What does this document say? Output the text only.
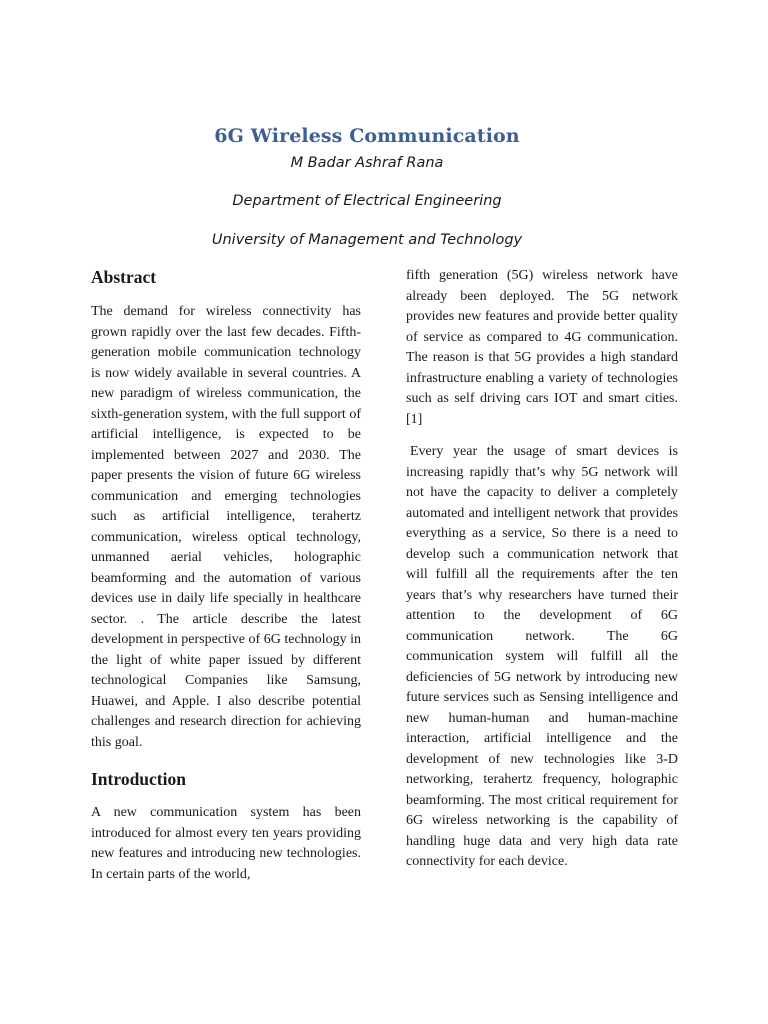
6G Wireless Communication

M Badar Ashraf Rana

Department of Electrical Engineering

University of Management and Technology

Abstract

The demand for wireless connectivity has grown rapidly over the last few decades. Fifth-generation mobile communication technology is now widely available in several countries. A new paradigm of wireless communication, the sixth-generation system, with the full support of artificial intelligence, is expected to be implemented between 2027 and 2030. The paper presents the vision of future 6G wireless communication and emerging technologies such as artificial intelligence, terahertz communication, wireless optical technology, unmanned aerial vehicles, holographic beamforming and the automation of various devices use in daily life specially in healthcare sector. . The article describe the latest development in perspective of 6G technology in the light of white paper issued by different technological Companies like Samsung, Huawei, and Apple. I also describe potential challenges and research direction for achieving this goal.

Introduction

A new communication system has been introduced for almost every ten years providing new features and introducing new technologies. In certain parts of the world,

fifth generation (5G) wireless network have already been deployed. The 5G network provides new features and provide better quality of service as compared to 4G communication. The reason is that 5G provides a high standard infrastructure enabling a variety of technologies such as self driving cars IOT and smart cities.[1]

Every year the usage of smart devices is increasing rapidly that’s why 5G network will not have the capacity to deliver a completely automated and intelligent network that provides everything as a service, So there is a need to develop such a communication network that will fulfill all the requirements after the ten years that’s why researchers have turned their attention to the development of 6G communication network. The 6G communication system will fulfill all the deficiencies of 5G network by introducing new future services such as Sensing intelligence and new human-human and human-machine interaction, artificial intelligence and the development of new technologies like 3-D networking, terahertz frequency, holographic beamforming. The most critical requirement for 6G wireless networking is the capability of handling huge data and very high data rate connectivity for each device.
